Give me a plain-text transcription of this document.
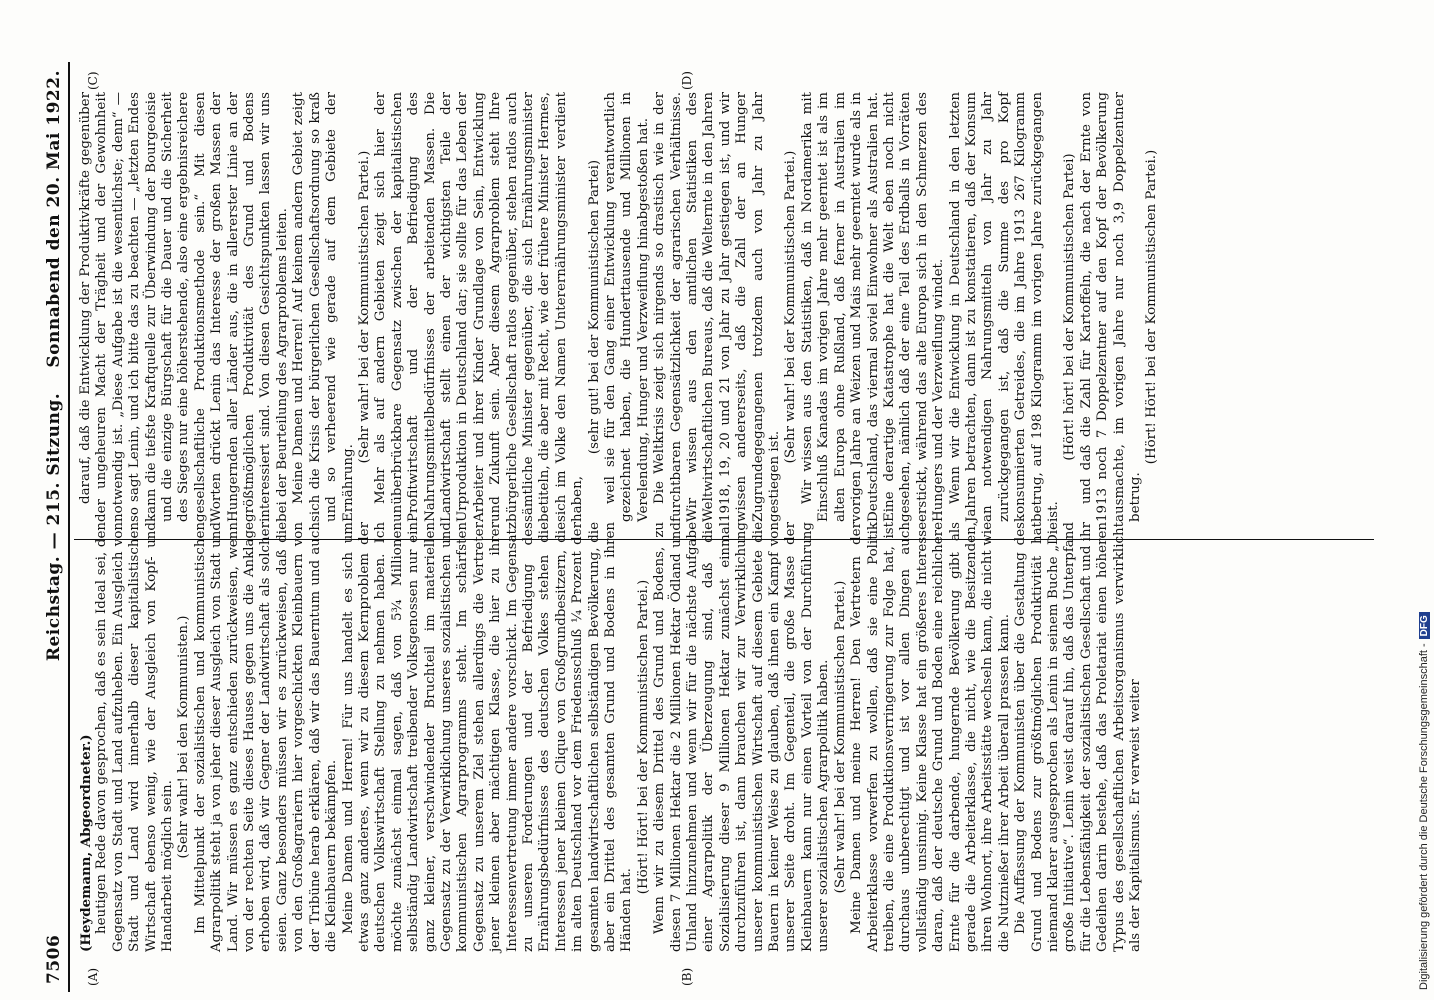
7506
Reichstag. — 215. Sitzung.
Sonnabend den 20. Mai 1922.
(A)	(B)
(C)	(D)

(Heydemann, Abgeordneter.) heutigen Rede davon gesprochen, daß es sein Ideal sei, den Gegensatz von Stadt und Land aufzuheben. Ein Ausgleich von Stadt und Land wird innerhalb dieser kapitalistischen Wirtschaft ebenso wenig, wie der Ausgleich von Kopf- und Handarbeit möglich sein.

(Sehr wahr! bei den Kommunisten.) Im Mittelpunkt der sozialistischen und kommunistischen Agrarpolitik steht ja von jeher dieser Ausgleich von Stadt und Land. Wir müssen es ganz entschieden zurückweisen, wenn von der rechten Seite dieses Hauses gegen uns die Anklage erhoben wird, daß wir Gegner der Landwirtschaft als solcher seien. Ganz besonders müssen wir es zurückweisen, daß die von den Großagrariern hier vorgeschickten Kleinbauern von der Tribüne herab erklären, daß wir das Bauerntum und auch die Kleinbauern bekämpfen. Meine Damen und Herren! Für uns handelt es sich um etwas ganz anderes, wenn wir zu diesem Kernproblem der deutschen Volkswirtschaft Stellung zu nehmen haben. Ich möchte zunächst einmal sagen, daß von 5¾ Millionen selbständig Landwirtschaft treibender Volksgenossen nur ein ganz kleiner, verschwindender Bruchteil im materiellen Gegensatz zu der Verwirklichung unseres sozialistischen und kommunistischen Agrarprogramms steht. Im schärfsten Gegensatz zu unserem Ziel stehen allerdings die Vertreter jener kleinen aber mächtigen Klasse, die hier zu ihrer Interessenvertretung immer andere vorschickt. Im Gegensatz zu unseren Forderungen und der Befriedigung des Ernährungsbedürfnisses des deutschen Volkes stehen die Interessen jener kleinen Clique von Großgrundbesitzern, die im alten Deutschland vor dem Friedensschluß ¼ Prozent der gesamten landwirtschaftlichen selbständigen Bevölkerung, die aber ein Drittel des gesamten Grund und Bodens in ihren Händen hat.

(Hört! Hört! bei der Kommunistischen Partei.) Wenn wir zu diesem Drittel des Grund und Bodens, zu diesen 7 Millionen Hektar die 2 Millionen Hektar Ödland und Unland hinzunehmen und wenn wir für die nächste Aufgabe einer Agrarpolitik der Überzeugung sind, daß die Sozialisierung dieser 9 Millionen Hektar zunächst einmal durchzuführen ist, dann brauchen wir zur Verwirklichung unserer kommunistischen Wirtschaft auf diesem Gebiete die Bauern in keiner Weise zu glauben, daß ihnen ein Kampf von unserer Seite droht. Im Gegenteil, die große Masse der Kleinbauern kann nur einen Vorteil von der Durchführung unserer sozialistischen Agrarpolitik haben. (Sehr wahr! bei der Kommunistischen Partei.) Meine Damen und meine Herren! Den Vertretern der Arbeiterklasse vorwerfen zu wollen, daß sie eine Politik treiben, die eine Produktionsverringerung zur Folge hat, ist durchaus unberechtigt und ist vor allen Dingen auch vollständig unsinnig. Keine Klasse hat ein größeres Interesse daran, daß der deutsche Grund und Boden eine reichlichere Ernte für die darbende, hungernde Bevölkerung gibt als gerade die Arbeiterklasse, die nicht, wie die Besitzenden, ihren Wohnort, ihre Arbeitsstätte wechseln kann, die nicht wie die Nutznießer ihrer Arbeit überall prassen kann. Die Auffassung der Kommunisten über die Gestaltung des Grund und Bodens zur größtmöglichen Produktivität hat niemand klarer ausgesprochen als Lenin in seinem Buche „Die große Initiative“. Lenin weist darauf hin, daß das Unterpfand für die Lebensfähigkeit der sozialistischen Gesellschaft und ihr Gedeihen darin bestehe, daß das Proletariat einen höheren Typus des gesellschaftlichen Arbeitsorganismus verwirklicht als der Kapitalismus. Er verweist weiter

darauf, daß die Entwicklung der Produktivkräfte gegenüber der ungeheuren Macht der Trägheit und der Gewohnheit notwendig ist. „Diese Aufgabe ist die wesentlichste; denn“ — so sagt Lenin, und ich bitte das zu beachten — „letzten Endes kann die tiefste Kraftquelle zur Überwindung der Bourgeoisie und die einzige Bürgschaft für die Dauer und die Sicherheit des Sieges nur eine höherstehende, also eine ergebnisreichere gesellschaftliche Produktionsmethode sein.“ Mit diesen Worten drückt Lenin das Interesse der großen Massen der Hungernden aller Länder aus, die in allererster Linie an der größtmöglichen Produktivität des Grund und Bodens interessiert sind. Von diesen Gesichtspunkten lassen wir uns bei der Beurteilung des Agrarproblems leiten. Meine Damen und Herren! Auf keinem andern Gebiet zeigt sich die Krisis der bürgerlichen Gesellschaftsordnung so kraß und so verheerend wie gerade auf dem Gebiete der Ernährung.

(Sehr wahr! bei der Kommunistischen Partei.) Mehr als auf andern Gebieten zeigt sich hier der unüberbrückbare Gegensatz zwischen der kapitalistischen Profitwirtschaft und der Befriedigung des Nahrungsmittelbedürfnisses der arbeitenden Massen. Die Landwirtschaft stellt einen der wichtigsten Teile der Urproduktion in Deutschland dar; sie sollte für das Leben der Arbeiter und ihrer Kinder Grundlage von Sein, Entwicklung und Zukunft sein. Aber diesem Agrarproblem steht Ihre bürgerliche Gesellschaft ratlos gegenüber, stehen ratlos auch sämtliche Minister gegenüber, die sich Ernährungsminister betiteln, die aber mit Recht, wie der frühere Minister Hermes, sich im Volke den Namen Unterernährungsminister verdient haben,

(sehr gut! bei der Kommunistischen Partei) weil sie für den Gang einer Entwicklung verantwortlich gezeichnet haben, die Hunderttausende und Millionen in Verelendung, Hunger und Verzweiflung hinabgestoßen hat. Die Weltkrisis zeigt sich nirgends so drastisch wie in der furchtbaren Gegensätzlichkeit der agrarischen Verhältnisse. Wir wissen aus den amtlichen Statistiken des Weltwirtschaftlichen Bureaus, daß die Welternte in den Jahren 1918, 19, 20 und 21 von Jahr zu Jahr gestiegen ist, und wir wissen andererseits, daß die Zahl der an Hunger Zugrundegegangenen trotzdem auch von Jahr zu Jahr gestiegen ist.

(Sehr wahr! bei der Kommunistischen Partei.) Wir wissen aus den Statistiken, daß in Nordamerika mit Einschluß Kanadas im vorigen Jahre mehr geerntet ist als im alten Europa ohne Rußland, daß ferner in Australien im vorigen Jahre an Weizen und Mais mehr geerntet wurde als in Deutschland, das viermal soviel Einwohner als Australien hat. Eine derartige Katastrophe hat die Welt eben noch nicht gesehen, nämlich daß der eine Teil des Erdballs in Vorräten erstickt, während das alte Europa sich in den Schmerzen des Hungers und der Verzweiflung windet. Wenn wir die Entwicklung in Deutschland in den letzten Jahren betrachten, dann ist zu konstatieren, daß der Konsum an notwendigen Nahrungsmitteln von Jahr zu Jahr zurückgegangen ist, daß die Summe des pro Kopf konsumierten Getreides, die im Jahre 1913 267 Kilogramm betrug, auf 198 Kilogramm im vorigen Jahre zurückgegangen ist.

(Hört! hört! bei der Kommunistischen Partei) und daß die Zahl für Kartoffeln, die nach der Ernte von 1913 noch 7 Doppelzentner auf den Kopf der Bevölkerung ausmachte, im vorigen Jahre nur noch 3,9 Doppelzentner betrug.

(Hört! Hört! bei der Kommunistischen Partei.)

Digitalisierung gefördert durch die Deutsche Forschungsgemeinschaft -DFG
